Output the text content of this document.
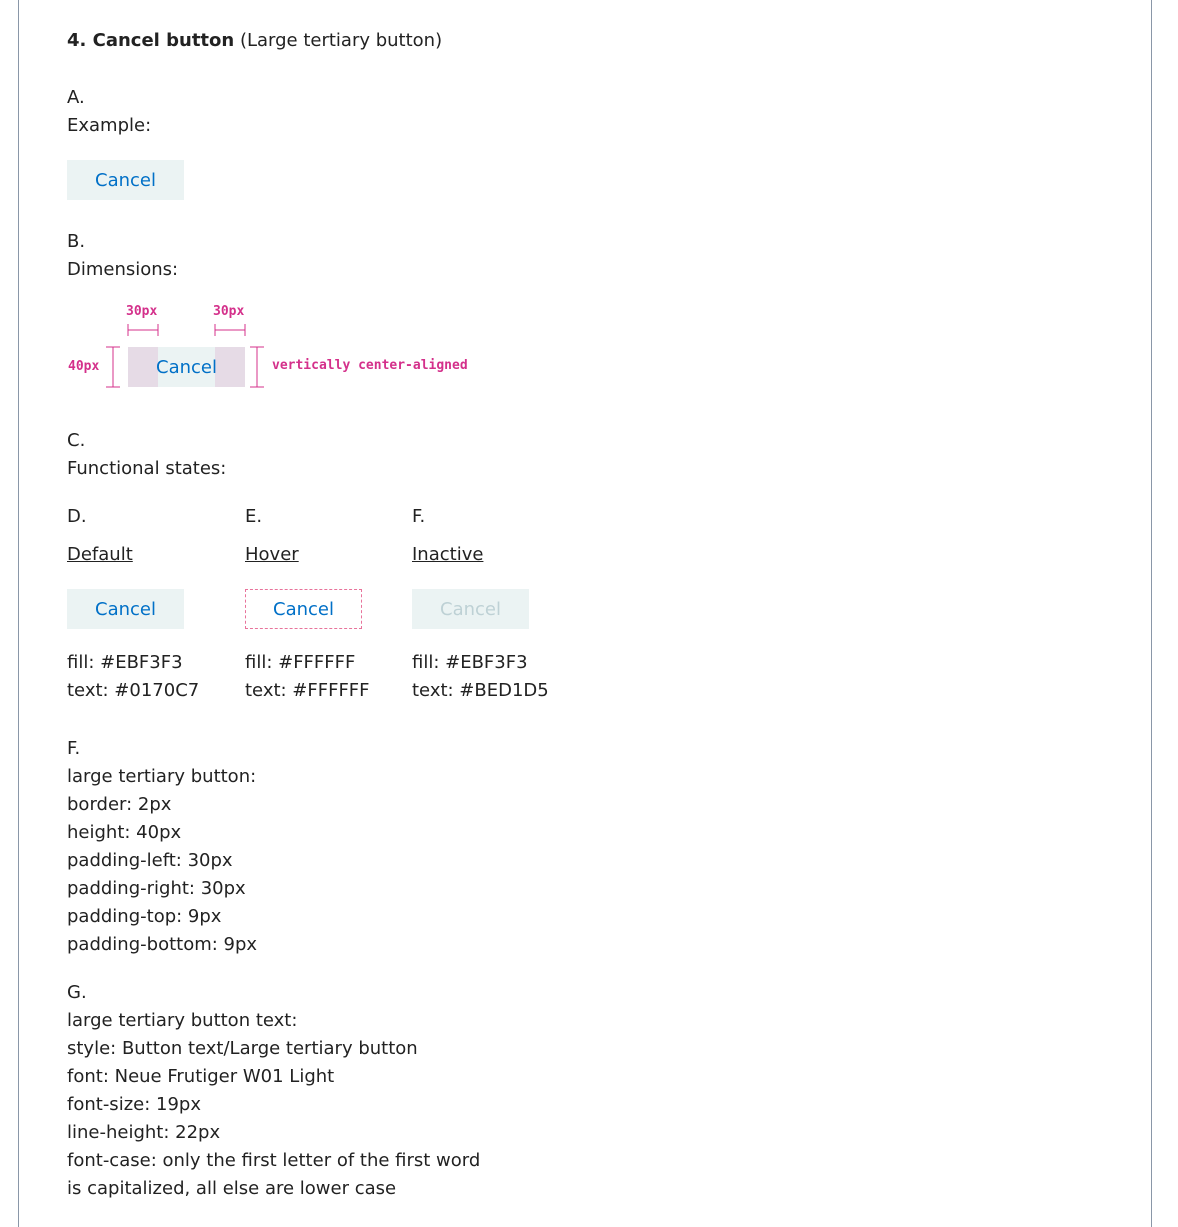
4. Cancel button (Large tertiary button)
A.
Example:
Cancel
B.
Dimensions:
Cancel
30px	30px
40px	vertically center-aligned
C.
Functional states:
D.
Default
Cancel
fill: #EBF3F3
text: #0170C7
E.
Hover
Cancel
fill: #FFFFFF
text: #FFFFFF
F.
Inactive
Cancel
fill: #EBF3F3
text: #BED1D5
F.
large tertiary button:
border: 2px
height: 40px
padding-left: 30px
padding-right: 30px
padding-top: 9px
padding-bottom: 9px
G.
large tertiary button text:
style: Button text/Large tertiary button
font: Neue Frutiger W01 Light
font-size: 19px
line-height: 22px
font-case: only the first letter of the first word
is capitalized, all else are lower case
